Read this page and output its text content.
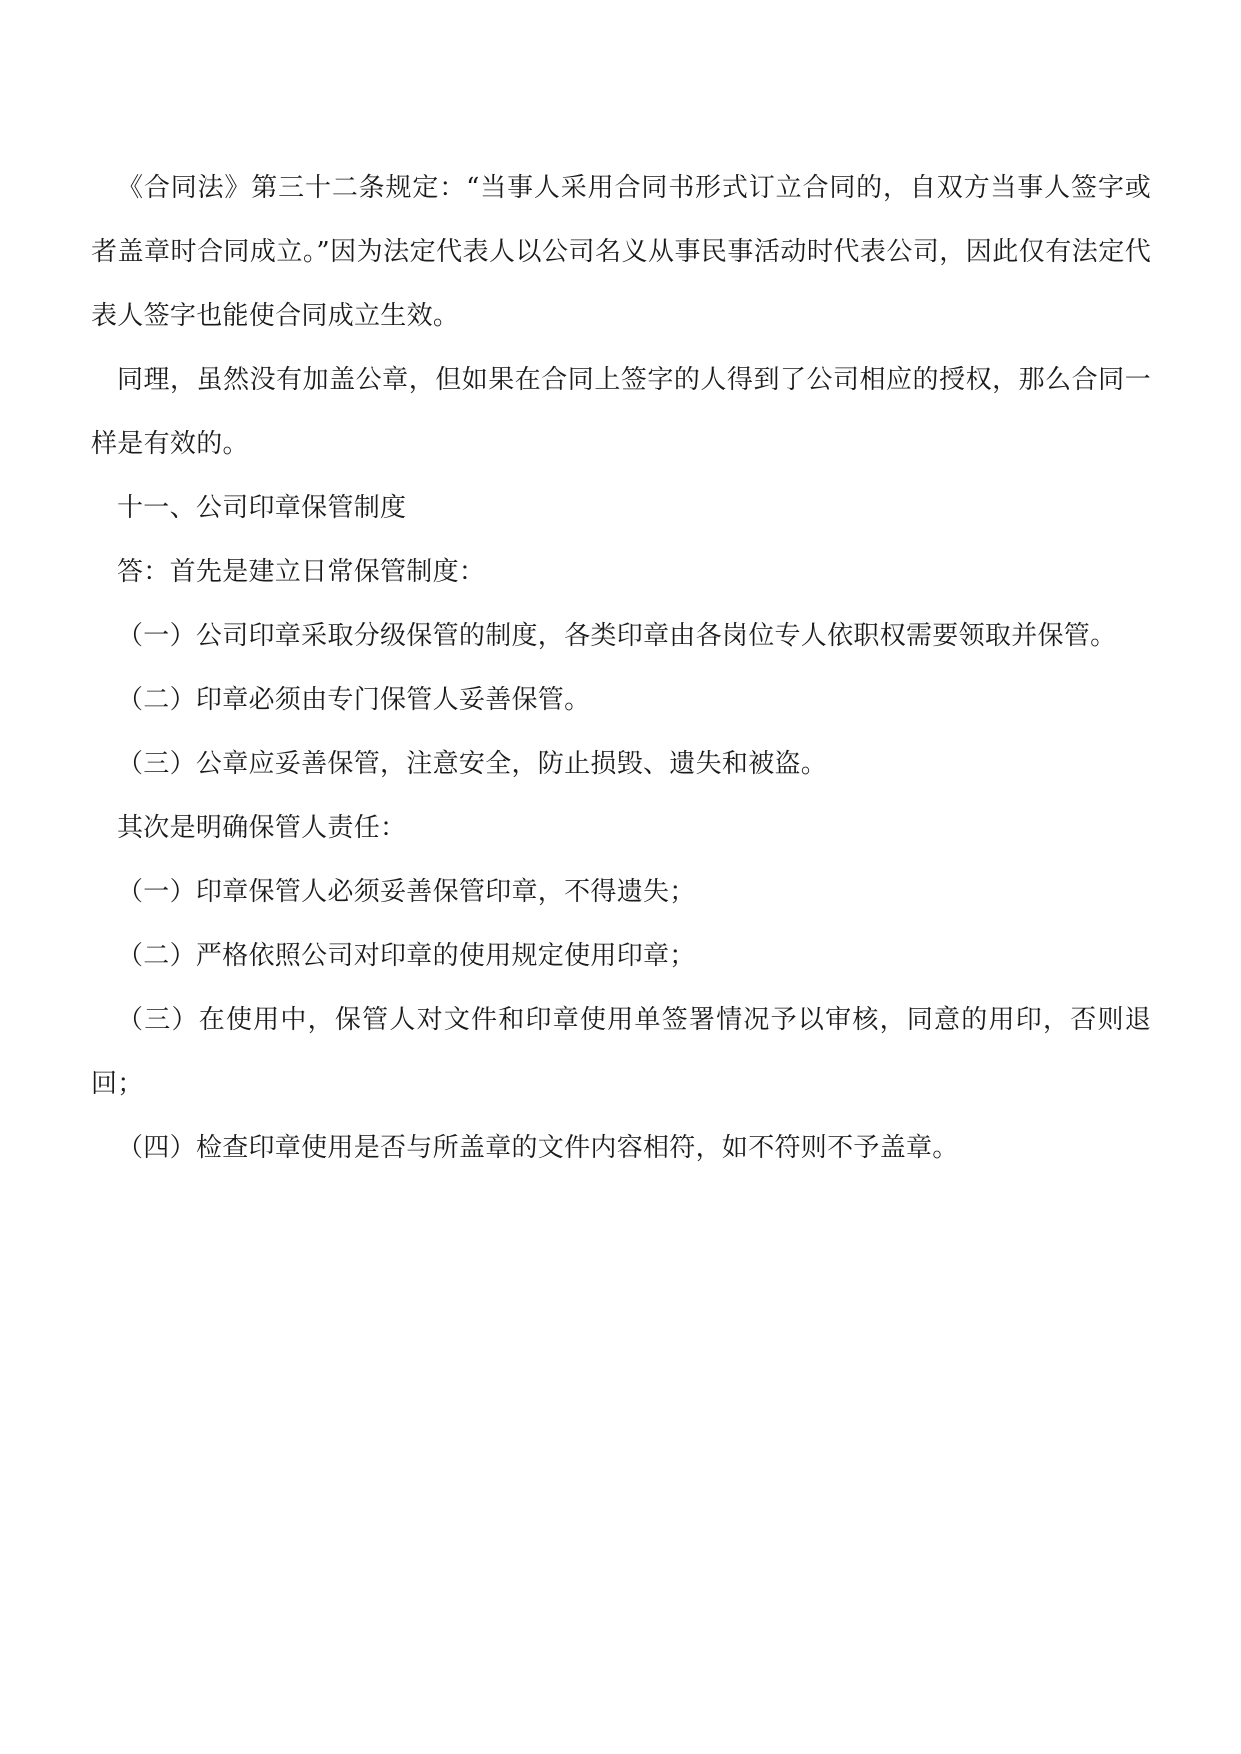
《合同法》第三十二条规定：“当事人采用合同书形式订立合同的，自双方当事人签字或者盖章时合同成立。”因为法定代表人以公司名义从事民事活动时代表公司，因此仅有法定代表人签字也能使合同成立生效。

同理，虽然没有加盖公章，但如果在合同上签字的人得到了公司相应的授权，那么合同一样是有效的。

十一、公司印章保管制度

答：首先是建立日常保管制度：

（一）公司印章采取分级保管的制度，各类印章由各岗位专人依职权需要领取并保管。

（二）印章必须由专门保管人妥善保管。

（三）公章应妥善保管，注意安全，防止损毁、遗失和被盗。

其次是明确保管人责任：

（一）印章保管人必须妥善保管印章，不得遗失；

（二）严格依照公司对印章的使用规定使用印章；

（三）在使用中，保管人对文件和印章使用单签署情况予以审核，同意的用印，否则退回；

（四）检查印章使用是否与所盖章的文件内容相符，如不符则不予盖章。
